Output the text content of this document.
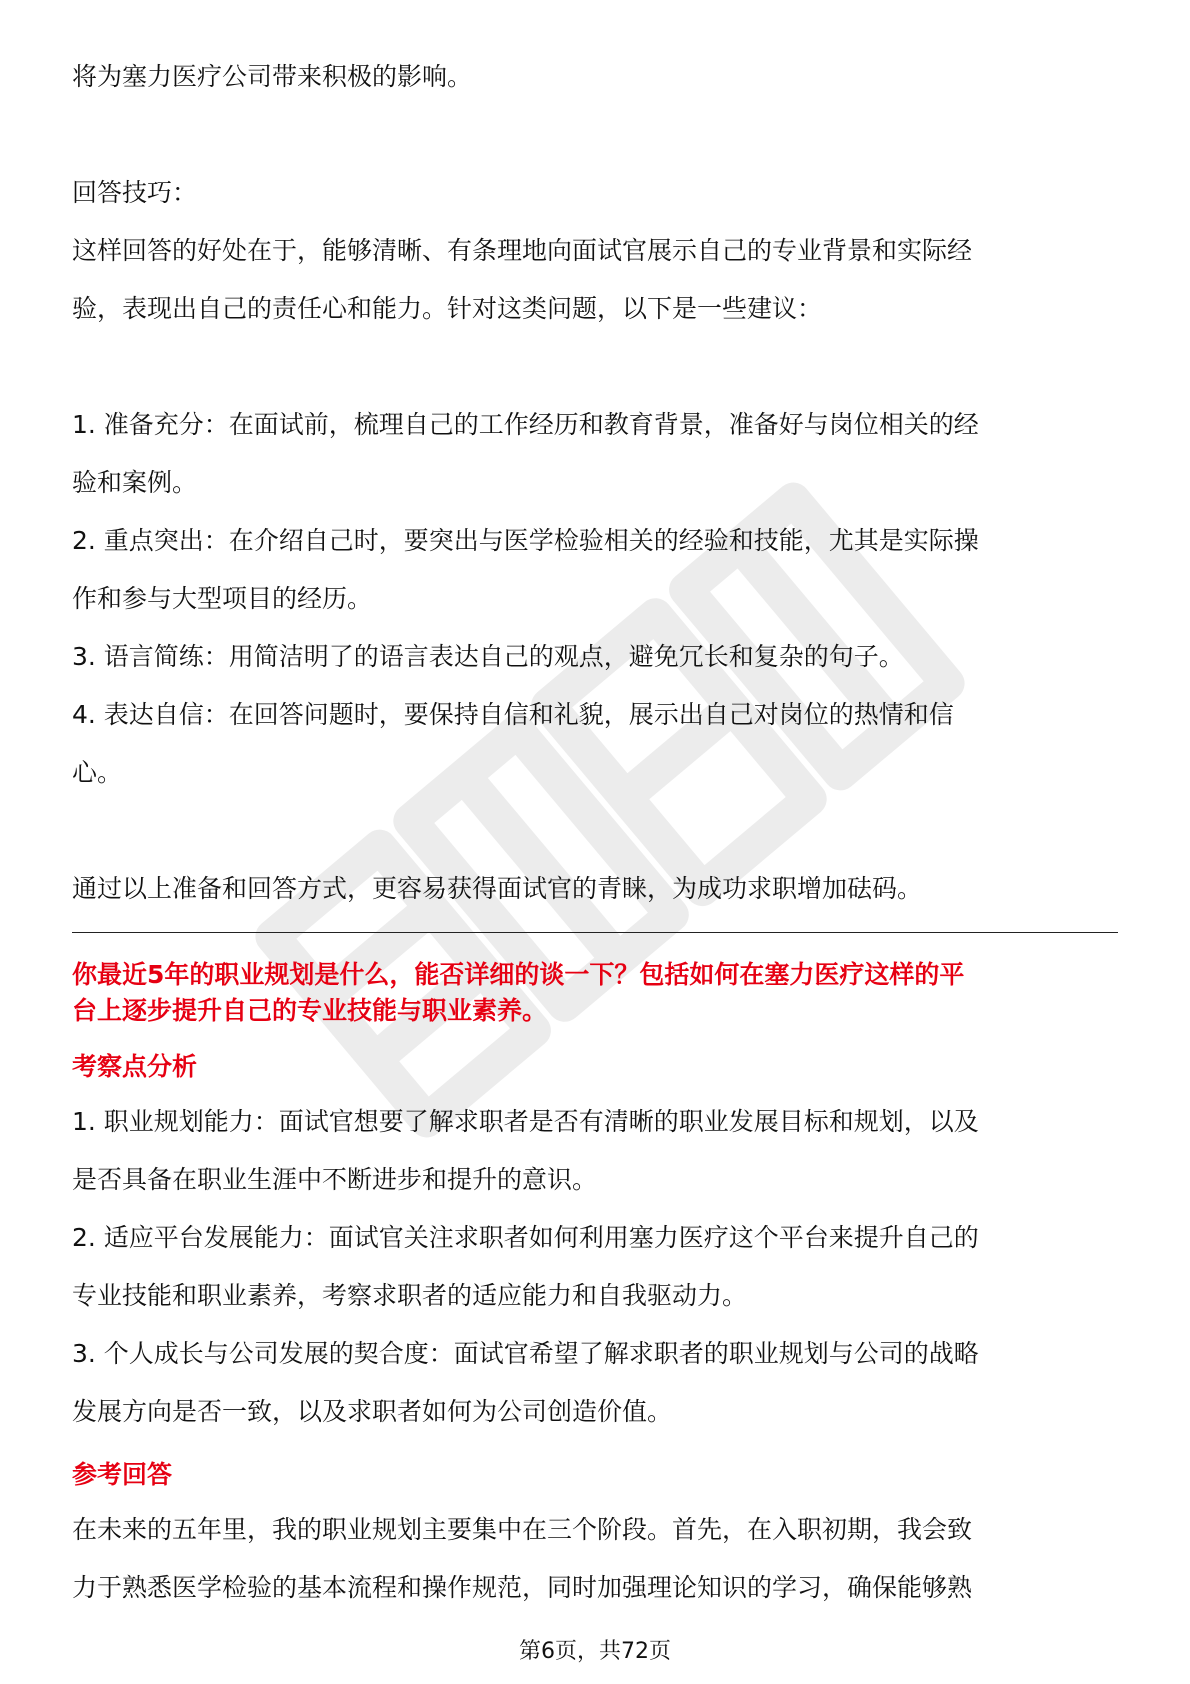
将为塞力医疗公司带来积极的影响。

回答技巧：

这样回答的好处在于，能够清晰、有条理地向面试官展示自己的专业背景和实际经

验，表现出自己的责任心和能力。针对这类问题，以下是一些建议：

1. 准备充分：在面试前，梳理自己的工作经历和教育背景，准备好与岗位相关的经

验和案例。

2. 重点突出：在介绍自己时，要突出与医学检验相关的经验和技能，尤其是实际操

作和参与大型项目的经历。

3. 语言简练：用简洁明了的语言表达自己的观点，避免冗长和复杂的句子。

4. 表达自信：在回答问题时，要保持自信和礼貌，展示出自己对岗位的热情和信

心。

通过以上准备和回答方式，更容易获得面试官的青睐，为成功求职增加砝码。

你最近5年的职业规划是什么，能否详细的谈一下？包括如何在塞力医疗这样的平

台上逐步提升自己的专业技能与职业素养。

考察点分析

1. 职业规划能力：面试官想要了解求职者是否有清晰的职业发展目标和规划，以及

是否具备在职业生涯中不断进步和提升的意识。

2. 适应平台发展能力：面试官关注求职者如何利用塞力医疗这个平台来提升自己的

专业技能和职业素养，考察求职者的适应能力和自我驱动力。

3. 个人成长与公司发展的契合度：面试官希望了解求职者的职业规划与公司的战略

发展方向是否一致，以及求职者如何为公司创造价值。

参考回答

在未来的五年里，我的职业规划主要集中在三个阶段。首先，在入职初期，我会致

力于熟悉医学检验的基本流程和操作规范，同时加强理论知识的学习，确保能够熟

第6页，共72页
